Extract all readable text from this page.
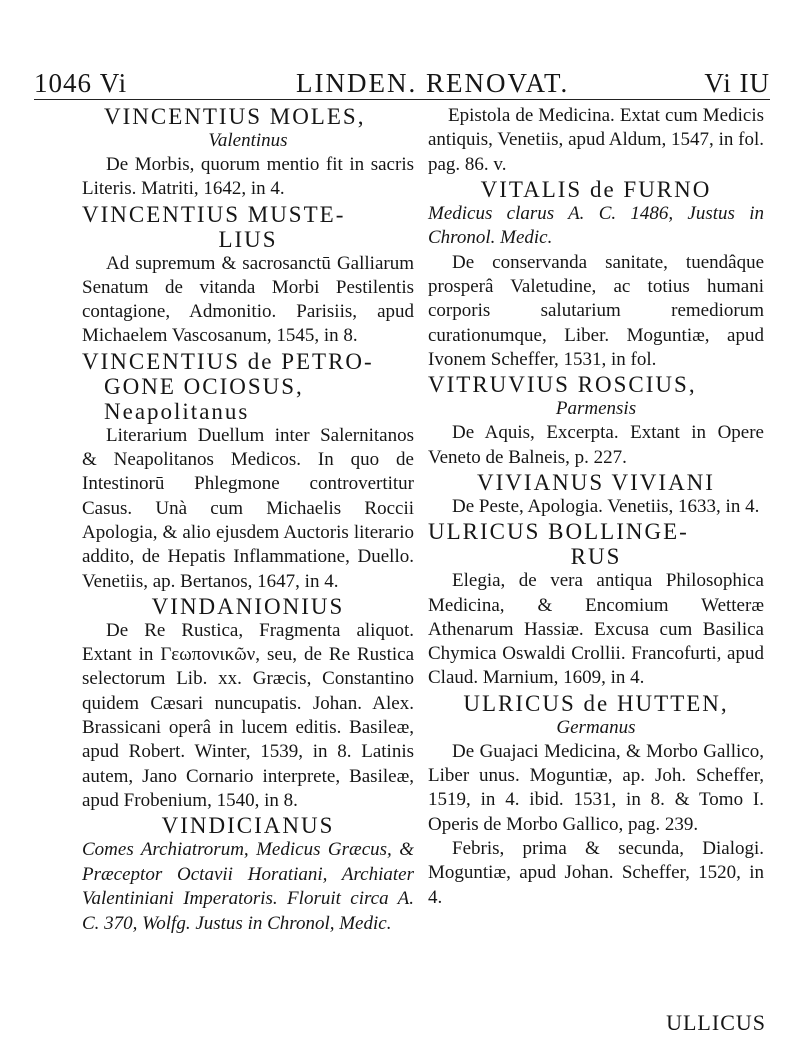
1046 Vi	LINDEN. RENOVAT.	Vi IU
VINCENTIUS MOLES,
Valentinus

De Morbis, quorum mentio fit in sacris Literis. Matriti, 1642, in 4.

VINCENTIUS MUSTE-
LIUS

Ad supremum & sacrosanctū Galliarum Senatum de vitanda Morbi Pestilentis contagione, Admonitio. Parisiis, apud Michaelem Vascosanum, 1545, in 8.

VINCENTIUS de PETRO-
GONE OCIOSUS, Neapolitanus

Literarium Duellum inter Salernitanos & Neapolitanos Medicos. In quo de Intestinorū Phlegmone controvertitur Casus. Unà cum Michaelis Roccii Apologia, & alio ejusdem Auctoris literario addito, de Hepatis Inflammatione, Duello. Venetiis, ap. Bertanos, 1647, in 4.

VINDANIONIUS

De Re Rustica, Fragmenta aliquot. Extant in Γεωπονικῶν, seu, de Re Rustica selectorum Lib. xx. Græcis, Constantino quidem Cæsari nuncupatis. Johan. Alex. Brassicani operâ in lucem editis. Basileæ, apud Robert. Winter, 1539, in 8. Latinis autem, Jano Cornario interprete, Basileæ, apud Frobenium, 1540, in 8.

VINDICIANUS

Comes Archiatrorum, Medicus Græcus, & Præceptor Octavii Horatiani, Archiater Valentiniani Imperatoris. Floruit circa A. C. 370, Wolfg. Justus in Chronol, Medic.

Epistola de Medicina. Extat cum Medicis antiquis, Venetiis, apud Aldum, 1547, in fol. pag. 86. v.

VITALIS de FURNO

Medicus clarus A. C. 1486, Justus in Chronol. Medic.

De conservanda sanitate, tuendâque prosperâ Valetudine, ac totius humani corporis salutarium remediorum curationumque, Liber. Moguntiæ, apud Ivonem Scheffer, 1531, in fol.

VITRUVIUS ROSCIUS,
Parmensis

De Aquis, Excerpta. Extant in Opere Veneto de Balneis, p. 227.

VIVIANUS VIVIANI

De Peste, Apologia. Venetiis, 1633, in 4.

ULRICUS BOLLINGE-
RUS

Elegia, de vera antiqua Philosophica Medicina, & Encomium Wetteræ Athenarum Hassiæ. Excusa cum Basilica Chymica Oswaldi Crollii. Francofurti, apud Claud. Marnium, 1609, in 4.

ULRICUS de HUTTEN,
Germanus

De Guajaci Medicina, & Morbo Gallico, Liber unus. Moguntiæ, ap. Joh. Scheffer, 1519, in 4. ibid. 1531, in 8. & Tomo I. Operis de Morbo Gallico, pag. 239.

Febris, prima & secunda, Dialogi. Moguntiæ, apud Johan. Scheffer, 1520, in 4.

ULLICUS
